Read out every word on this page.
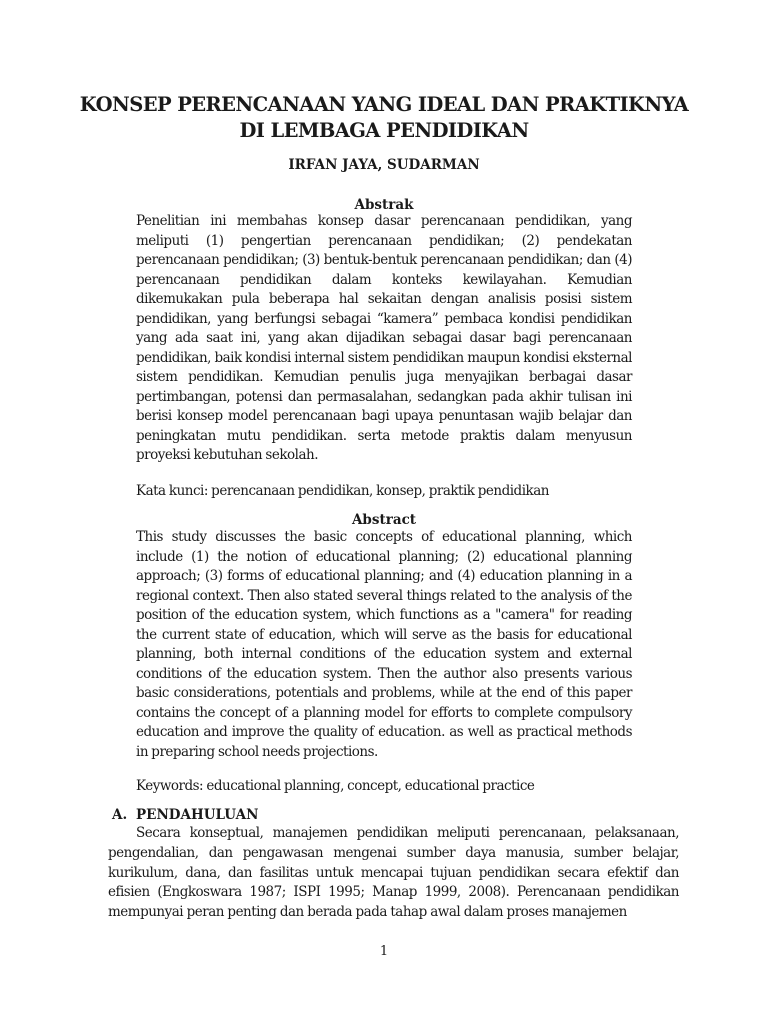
KONSEP PERENCANAAN YANG IDEAL DAN PRAKTIKNYA
DI LEMBAGA PENDIDIKAN
IRFAN JAYA, SUDARMAN
Abstrak
Penelitian ini membahas konsep dasar perencanaan pendidikan, yang meliputi (1) pengertian perencanaan pendidikan; (2) pendekatan perencanaan pendidikan; (3) bentuk-bentuk perencanaan pendidikan; dan (4) perencanaan pendidikan dalam konteks kewilayahan. Kemudian dikemukakan pula beberapa hal sekaitan dengan analisis posisi sistem pendidikan, yang berfungsi sebagai “kamera” pembaca kondisi pendidikan yang ada saat ini, yang akan dijadikan sebagai dasar bagi perencanaan pendidikan, baik kondisi internal sistem pendidikan maupun kondisi eksternal sistem pendidikan. Kemudian penulis juga menyajikan berbagai dasar pertimbangan, potensi dan permasalahan, sedangkan pada akhir tulisan ini berisi konsep model perencanaan bagi upaya penuntasan wajib belajar dan peningkatan mutu pendidikan. serta metode praktis dalam menyusun proyeksi kebutuhan sekolah.
Kata kunci: perencanaan pendidikan, konsep, praktik pendidikan
Abstract
This study discusses the basic concepts of educational planning, which include (1) the notion of educational planning; (2) educational planning approach; (3) forms of educational planning; and (4) education planning in a regional context. Then also stated several things related to the analysis of the position of the education system, which functions as a "camera" for reading the current state of education, which will serve as the basis for educational planning, both internal conditions of the education system and external conditions of the education system. Then the author also presents various basic considerations, potentials and problems, while at the end of this paper contains the concept of a planning model for efforts to complete compulsory education and improve the quality of education. as well as practical methods in preparing school needs projections.
Keywords: educational planning, concept, educational practice
A. PENDAHULUAN

Secara konseptual, manajemen pendidikan meliputi perencanaan, pelaksanaan, pengendalian, dan pengawasan mengenai sumber daya manusia, sumber belajar, kurikulum, dana, dan fasilitas untuk mencapai tujuan pendidikan secara efektif dan efisien (Engkoswara 1987; ISPI 1995; Manap 1999, 2008). Perencanaan pendidikan mempunyai peran penting dan berada pada tahap awal dalam proses manajemen

1
